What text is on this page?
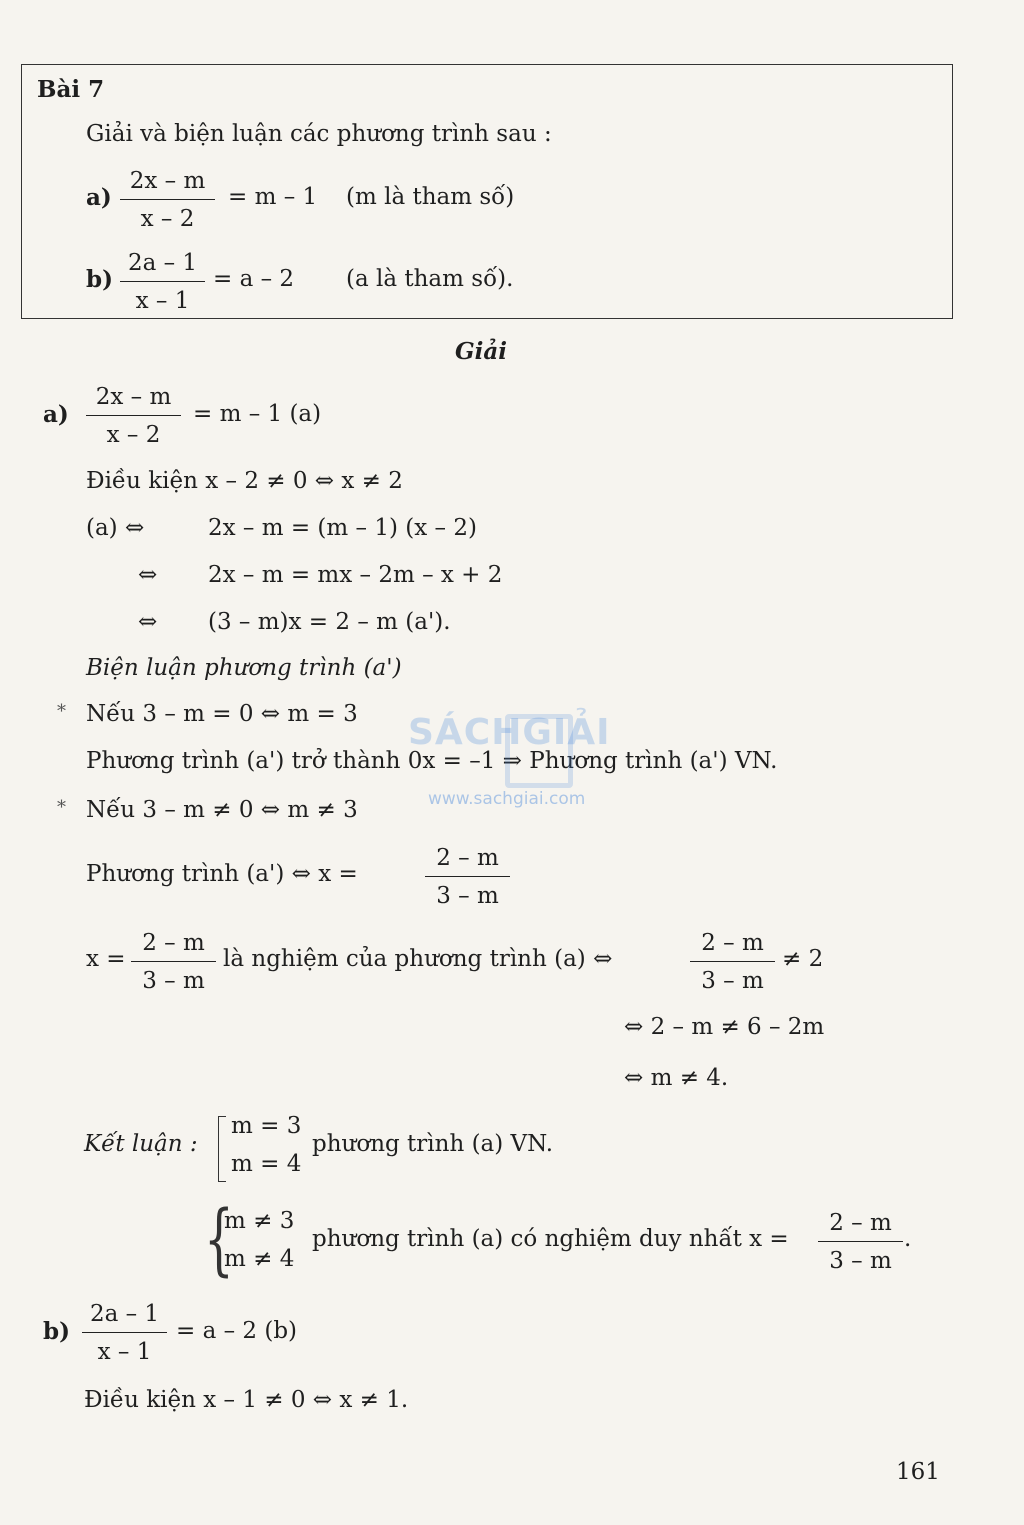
Bài 7
Giải và biện luận các phương trình sau :
$a) \frac{2x - m}{x - 2} = m - 1$ (m là tham số)
$b) \frac{2a - 1}{x - 1} = a - 2$ (a là tham số).
Giải
$a) \frac{2x - m}{x - 2} = m - 1$ (a)
Điều kiện x – 2 ≠ 0 ⇔ x ≠ 2
(a) ⇔	2x – m = (m – 1) (x – 2)
⇔ 2x – m = mx – 2m – x + 2
⇔ (3 – m)x = 2 – m (a').
Biện luận phương trình (a')
* Nếu 3 – m = 0 ⇔ m = 3
Phương trình (a') trở thành 0x = –1 ⇒ Phương trình (a') VN.
* Nếu 3 – m ≠ 0 ⇔ m ≠ 3
Phương trình (a') ⇔ x =	$\frac{2 - m}{3 - m}$
$x = \frac{2 - m}{3 - m}$ là nghiệm của phương trình (a) ⇔	$\frac{2 - m}{3 - m} \ne 2$
⇔ 2 – m ≠ 6 – 2m
⇔ m ≠ 4.
Kết luận :
m = 3
m = 4
phương trình (a) VN.
{
m ≠ 3
m ≠ 4
phương trình (a) có nghiệm duy nhất $x = \frac{2 - m}{3 - m}$ .
$b) \frac{2a - 1}{x - 1} = a - 2$ (b)
Điều kiện x – 1 ≠ 0 ⇔ x ≠ 1.
SÁCHGIẢI
www.sachgiai.com
161
